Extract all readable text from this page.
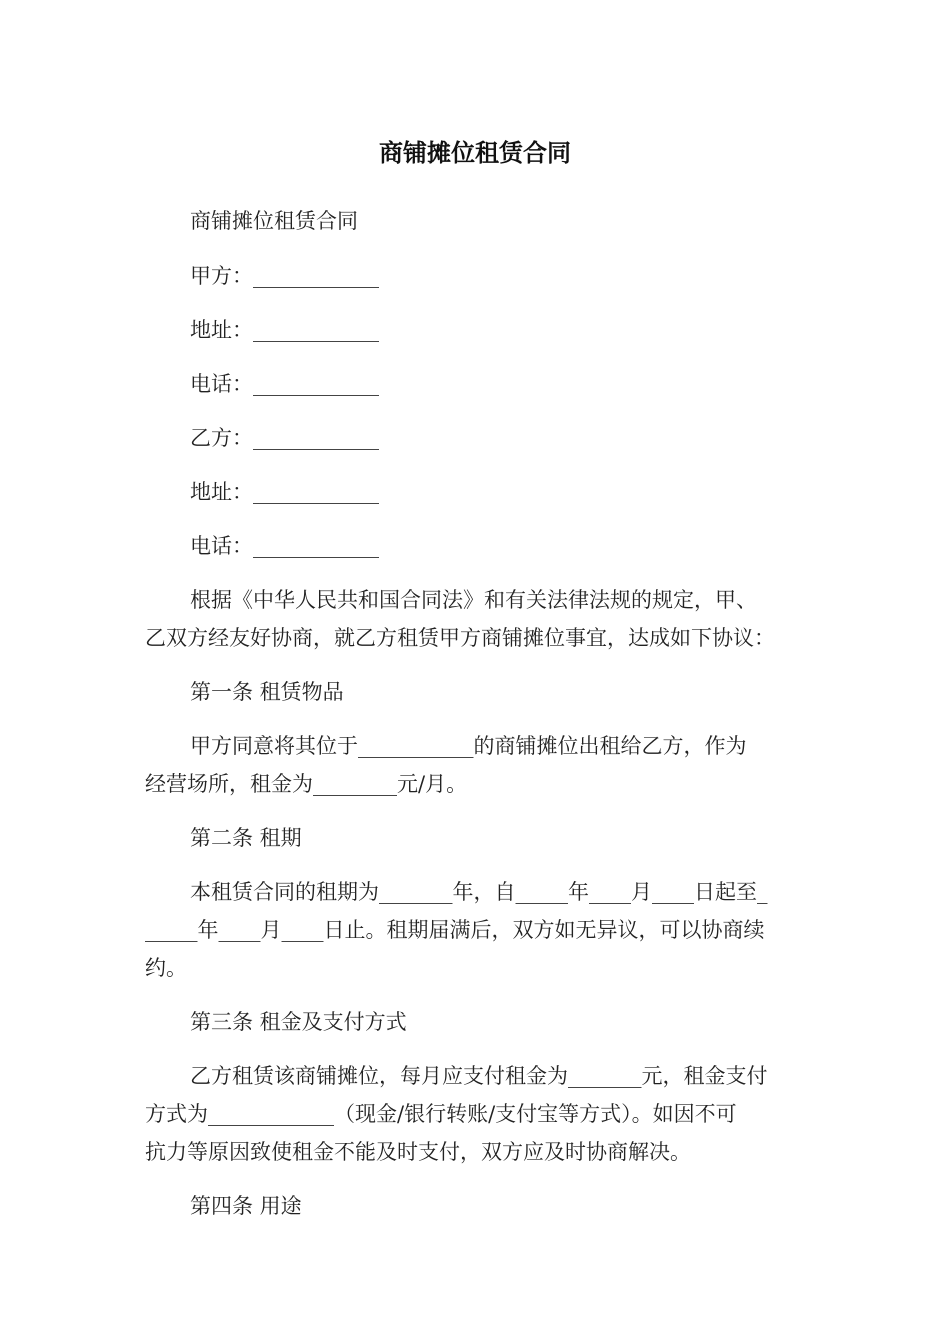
商铺摊位租赁合同
商铺摊位租赁合同
甲方：____________
地址：____________
电话：____________
乙方：____________
地址：____________
电话：____________
根据《中华人民共和国合同法》和有关法律法规的规定，甲、
乙双方经友好协商，就乙方租赁甲方商铺摊位事宜，达成如下协议：
第一条 租赁物品
甲方同意将其位于___________的商铺摊位出租给乙方，作为
经营场所，租金为________元/月。
第二条 租期
本租赁合同的租期为_______年，自_____年____月____日起至_
_____年____月____日止。租期届满后，双方如无异议，可以协商续
约。
第三条 租金及支付方式
乙方租赁该商铺摊位，每月应支付租金为_______元，租金支付
方式为____________（现金/银行转账/支付宝等方式）。如因不可
抗力等原因致使租金不能及时支付，双方应及时协商解决。
第四条 用途
